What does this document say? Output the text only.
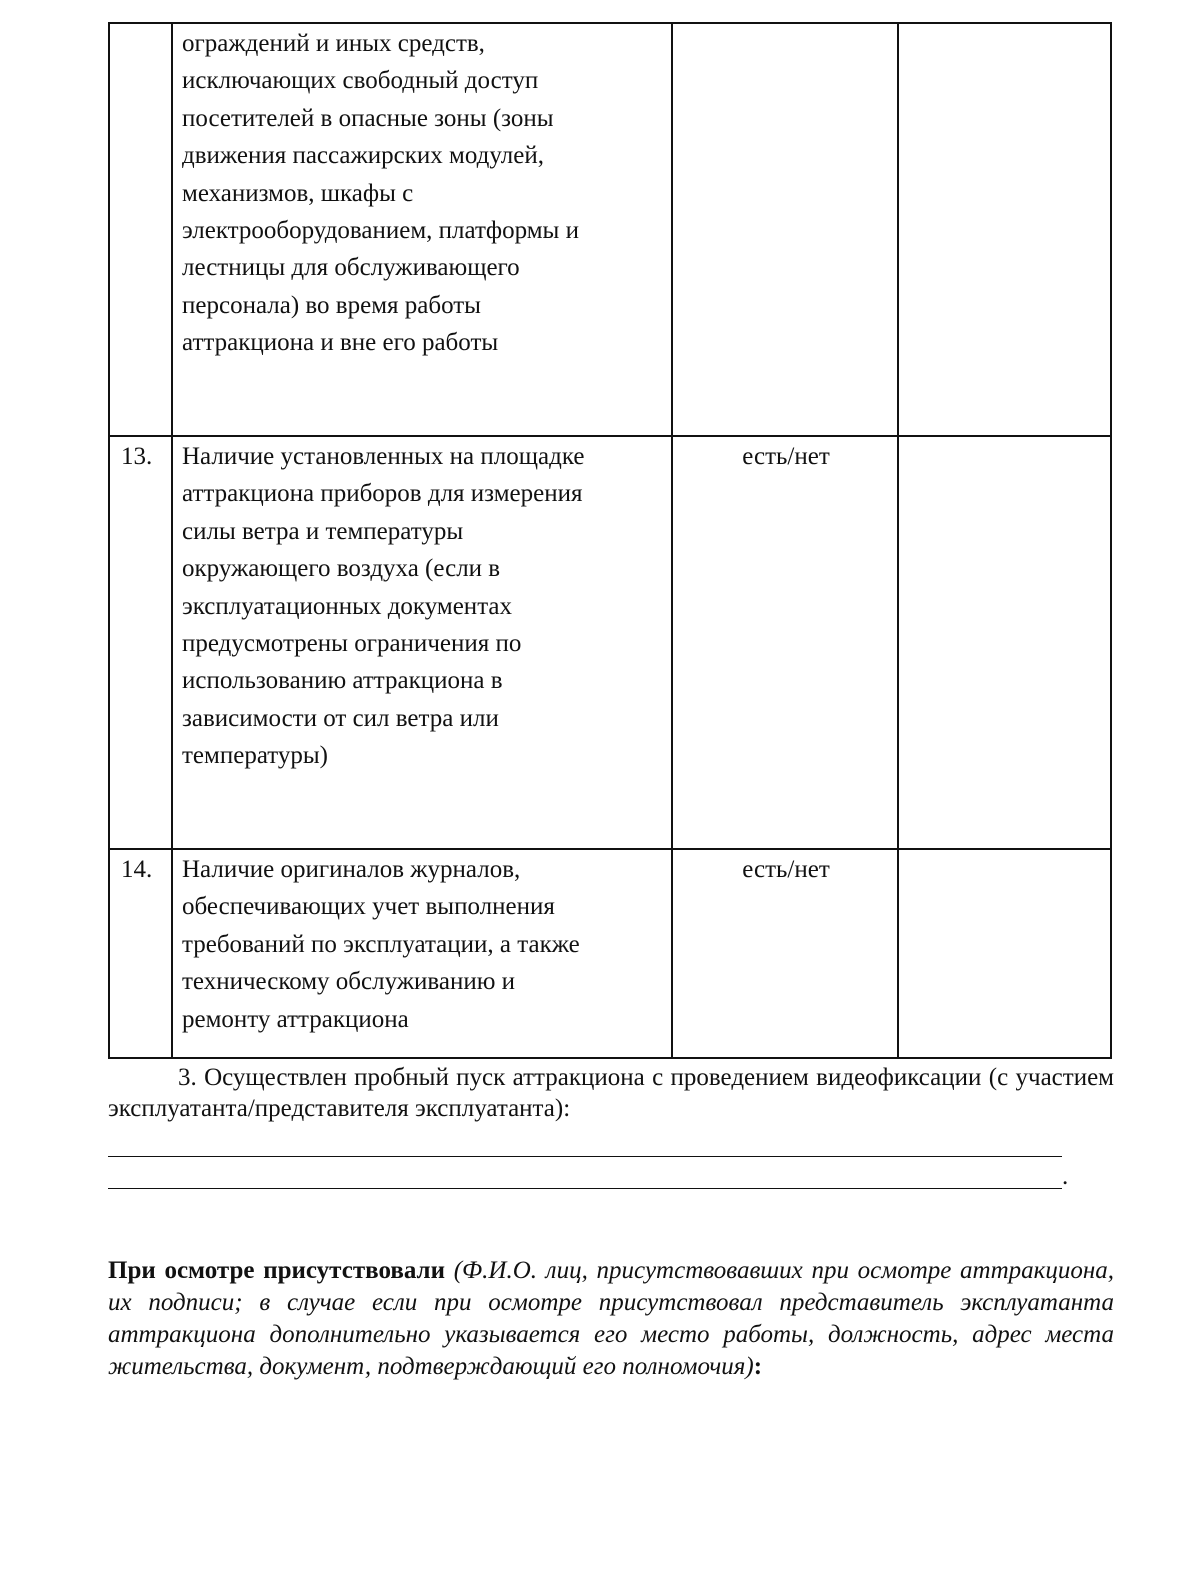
ограждений и иных средств,
исключающих свободный доступ
посетителей в опасные зоны (зоны
движения пассажирских модулей,
механизмов, шкафы с
электрооборудованием, платформы и
лестницы для обслуживающего
персонала) во время работы
аттракциона и вне его работы

13. Наличие установленных на площадке
аттракциона приборов для измерения
силы ветра и температуры
окружающего воздуха (если в
эксплуатационных документах
предусмотрены ограничения по
использованию аттракциона в
зависимости от сил ветра или
температуры)

есть/нет
14. Наличие оригиналов журналов,
обеспечивающих учет выполнения
требований по эксплуатации, а также
техническому обслуживанию и
ремонту аттракциона

есть/нет

3. Осуществлен пробный пуск аттракциона с проведением видеофиксации (с участием эксплуатанта/представителя эксплуатанта):

.

При осмотре присутствовали (Ф.И.О. лиц, присутствовавших при осмотре аттракциона, их подписи; в случае если при осмотре присутствовал представитель эксплуатанта аттракциона дополнительно указывается его место работы, должность, адрес места жительства, документ, подтверждающий его полномочия):
